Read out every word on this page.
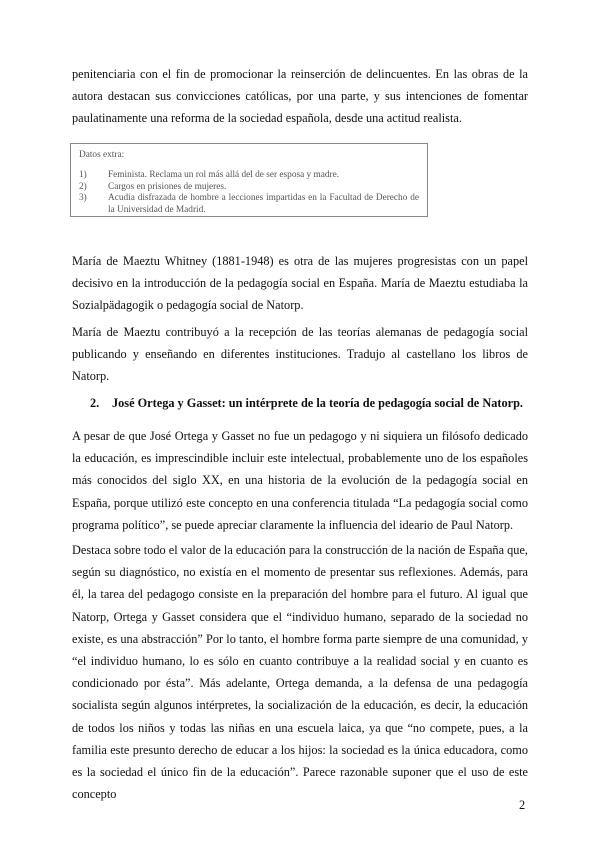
penitenciaria con el fin de promocionar la reinserción de delincuentes. En las obras de la autora destacan sus convicciones católicas, por una parte, y sus intenciones de fomentar paulatinamente una reforma de la sociedad española, desde una actitud realista.

Datos extra:

1)	Feminista. Reclama un rol más allá del de ser esposa y madre.
2)	Cargos en prisiones de mujeres.
3)	Acudía disfrazada de hombre a lecciones impartidas en la Facultad de Derecho de la Universidad de Madrid.

María de Maeztu Whitney (1881-1948) es otra de las mujeres progresistas con un papel decisivo en la introducción de la pedagogía social en España. María de Maeztu estudiaba la Sozialpädagogik o pedagogía social de Natorp.

María de Maeztu contribuyó a la recepción de las teorías alemanas de pedagogía social publicando y enseñando en diferentes instituciones. Tradujo al castellano los libros de Natorp.

2. José Ortega y Gasset: un intérprete de la teoría de pedagogía social de Natorp.

A pesar de que José Ortega y Gasset no fue un pedagogo y ni siquiera un filósofo dedicado la educación, es imprescindible incluir este intelectual, probablemente uno de los españoles más conocidos del siglo XX, en una historia de la evolución de la pedagogía social en España, porque utilizó este concepto en una conferencia titulada “La pedagogía social como programa político”, se puede apreciar claramente la influencia del ideario de Paul Natorp.

Destaca sobre todo el valor de la educación para la construcción de la nación de España que, según su diagnóstico, no existía en el momento de presentar sus reflexiones. Además, para él, la tarea del pedagogo consiste en la preparación del hombre para el futuro. Al igual que Natorp, Ortega y Gasset considera que el “individuo humano, separado de la sociedad no existe, es una abstracción” Por lo tanto, el hombre forma parte siempre de una comunidad, y “el individuo humano, lo es sólo en cuanto contribuye a la realidad social y en cuanto es condicionado por ésta”. Más adelante, Ortega demanda, a la defensa de una pedagogía socialista según algunos intérpretes, la socialización de la educación, es decir, la educación de todos los niños y todas las niñas en una escuela laica, ya que “no compete, pues, a la familia este presunto derecho de educar a los hijos: la sociedad es la única educadora, como es la sociedad el único fin de la educación”. Parece razonable suponer que el uso de este concepto

2
